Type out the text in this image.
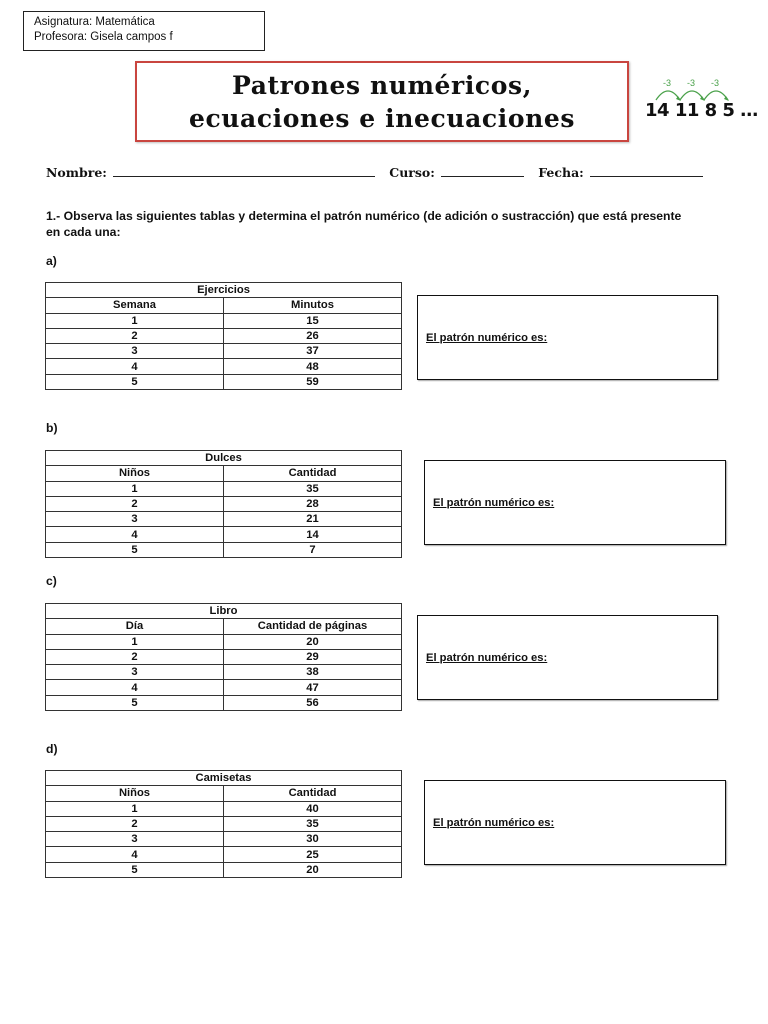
Asignatura: Matemática
Profesora: Gisela campos f
Patrones numéricos,
ecuaciones e inecuaciones
-3 -3 -3
14 11 8 5 …
Nombre:	Curso:	Fecha:
1.- Observa las siguientes tablas y determina el patrón numérico (de adición o sustracción) que está presente en cada una:
a)
Ejercicios	
Semana	Minutos
1	15
2	26
3	37
4	48
5	59
El patrón numérico es:
b)
Dulces	
Niños	Cantidad
1	35
2	28
3	21
4	14
5	7
El patrón numérico es:
c)
Libro	
Día	Cantidad de páginas
1	20
2	29
3	38
4	47
5	56
El patrón numérico es:
d)
Camisetas	
Niños	Cantidad
1	40
2	35
3	30
4	25
5	20
El patrón numérico es:
